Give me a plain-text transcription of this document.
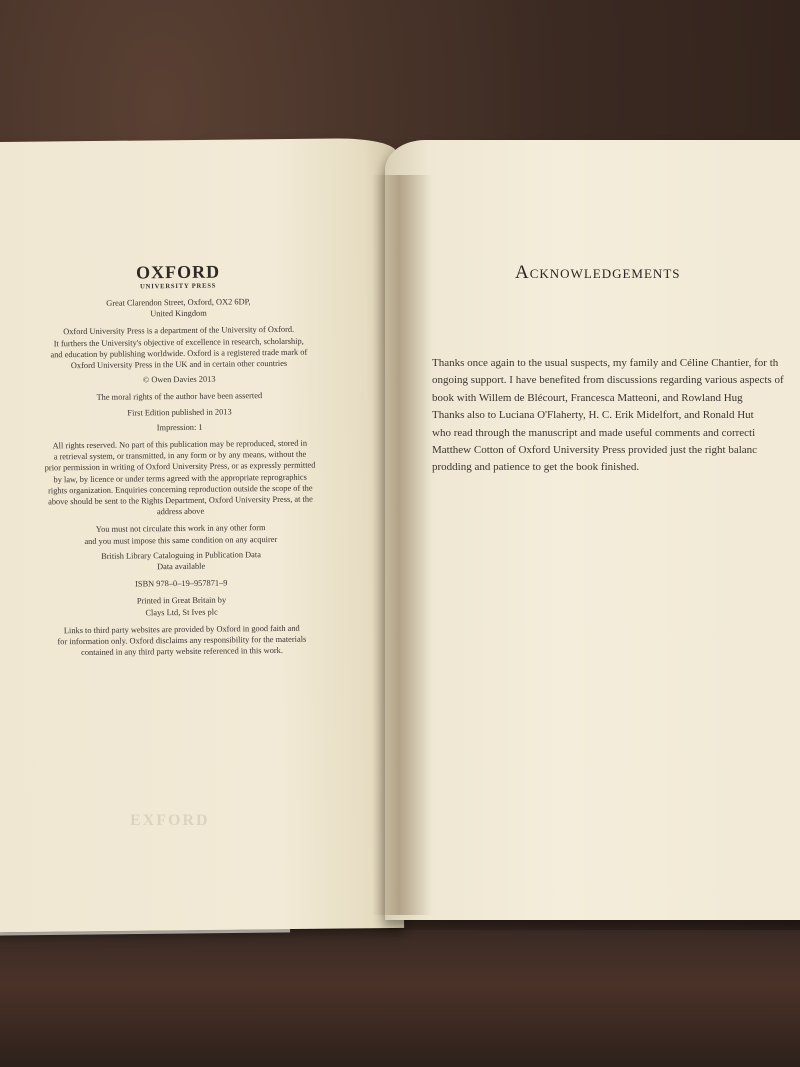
EXFORD
OXFORD
UNIVERSITY PRESS
Great Clarendon Street, Oxford, OX2 6DP,
United Kingdom
Oxford University Press is a department of the University of Oxford.
It furthers the University's objective of excellence in research, scholarship,
and education by publishing worldwide. Oxford is a registered trade mark of
Oxford University Press in the UK and in certain other countries
© Owen Davies 2013
The moral rights of the author have been asserted
First Edition published in 2013
Impression: 1
All rights reserved. No part of this publication may be reproduced, stored in
a retrieval system, or transmitted, in any form or by any means, without the
prior permission in writing of Oxford University Press, or as expressly permitted
by law, by licence or under terms agreed with the appropriate reprographics
rights organization. Enquiries concerning reproduction outside the scope of the
above should be sent to the Rights Department, Oxford University Press, at the
address above
You must not circulate this work in any other form
and you must impose this same condition on any acquirer
British Library Cataloguing in Publication Data
Data available
ISBN 978–0–19–957871–9
Printed in Great Britain by
Clays Ltd, St Ives plc
Links to third party websites are provided by Oxford in good faith and
for information only. Oxford disclaims any responsibility for the materials
contained in any third party website referenced in this work.
Acknowledgements
Thanks once again to the usual suspects, my family and Céline Chantier, for th
ongoing support. I have benefited from discussions regarding various aspects of
book with Willem de Blécourt, Francesca Matteoni, and Rowland Hug
Thanks also to Luciana O'Flaherty, H. C. Erik Midelfort, and Ronald Hut
who read through the manuscript and made useful comments and correcti
Matthew Cotton of Oxford University Press provided just the right balanc
prodding and patience to get the book finished.
